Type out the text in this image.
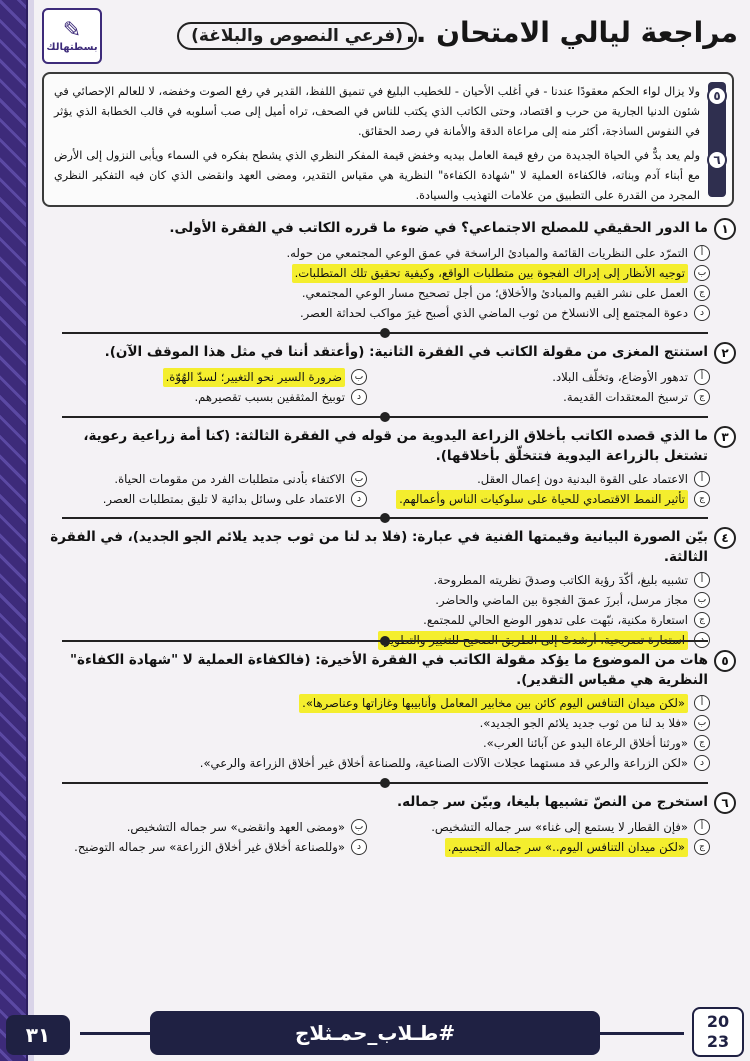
مراجعة ليالي الامتحان ..
(فرعي النصوص والبلاغة)
✎
بسطتهالك
٥
٦

ولا يزال لواء الحكم معقودًا عندنا - في أغلب الأحيان - للخطيب البليغ في تنميق اللفظ، القدير في رفع الصوت وخفضه، لا للعالم الإحصائي في شئون الدنيا الجارية من حرب و اقتصاد، وحتى الكاتب الذي يكتب للناس في الصحف، تراه أميل إلى صب أسلوبه في قالب الخطابة الذي يؤثر في النفوس الساذجة، أكثر منه إلى مراعاة الدقة والأمانة في رصد الحقائق.

ولم يعد بدٌّ في الحياة الجديدة من رفع قيمة العامل بيديه وخفض قيمة المفكر النظري الذي يشطح بفكره في السماء ويأبى النزول إلى الأرض مع أبناء آدم وبناته، فالكفاءة العملية لا "شهادة الكفاءة" النظرية هي مقياس التقدير، ومضى العهد وانقضى الذي كان فيه التفكير النظري المجرد من القدرة على التطبيق من علامات التهذيب والسيادة.

١
ما الدور الحقيقي للمصلح الاجتماعي؟ في ضوء ما قرره الكاتب في الفقرة الأولى.
أ
التمرّد على النظريات القائمة والمبادئ الراسخة في عمق الوعي المجتمعي من حوله.
ب
توجيه الأنظار إلى إدراك الفجوة بين متطلبات الواقع، وكيفية تحقيق تلك المتطلبات.
ج
العمل على نشر القيم والمبادئ والأخلاق؛ من أجل تصحيح مسار الوعي المجتمعي.
د
دعوة المجتمع إلى الانسلاخ من ثوب الماضي الذي أصبح غيرَ مواكب لحداثة العصر.
٢
استنتج المغزى من مقولة الكاتب في الفقرة الثانية: (وأعتقد أننا في مثل هذا الموقف الآن).
أ
تدهور الأوضاع، وتخلّف البلاد.
ب
ضرورة السير نحو التغيير؛ لسدّ الهُوّة.
ج
ترسيخ المعتقدات القديمة.
د
توبيخ المثقفين بسبب تقصيرهم.
٣
ما الذي قصده الكاتب بأخلاق الزراعة اليدوية من قوله في الفقرة الثالثة: (كنا أمة زراعية رعوية، تشتغل بالزراعة اليدوية فتتخلّق بأخلاقها).
أ
الاعتماد على القوة البدنية دون إعمال العقل.
ب
الاكتفاء بأدنى متطلبات الفرد من مقومات الحياة.
ج
تأثير النمط الاقتصادي للحياة على سلوكيات الناس وأعمالهم.
د
الاعتماد على وسائل بدائية لا تليق بمتطلبات العصر.
٤
بيّن الصورة البيانية وقيمتها الفنية في عبارة: (فلا بد لنا من ثوب جديد يلائم الجو الجديد)، في الفقرة الثالثة.
أ
تشبيه بليغ، أكّدَ رؤية الكاتب وصدقَ نظريته المطروحة.
ب
مجاز مرسل، أبرزَ عمقَ الفجوة بين الماضي والحاضر.
ج
استعارة مكنية، نبّهت على تدهور الوضع الحالي للمجتمع.
٥
هات من الموضوع ما يؤكد مقولة الكاتب في الفقرة الأخيرة: (فالكفاءة العملية لا "شهادة الكفاءة" النظرية هي مقياس التقدير).
أ
«لكن ميدان التنافس اليوم كائن بين مخابير المعامل وأنابيبها وغازاتها وعناصرها».
ب
«فلا بد لنا من ثوب جديد يلائم الجو الجديد».
ج
«ورثنا أخلاق الرعاة البدو عن آبائنا العرب».
د
«لكن الزراعة والرعي قد مستهما عجلات الآلات الصناعية، وللصناعة أخلاق غير أخلاق الزراعة والرعي».
٦
استخرج من النصّ تشبيها بليغا، وبيّن سر جماله.
أ
«فإن القطار لا يستمع إلى غناء» سر جماله التشخيص.
ب
«ومضى العهد وانقضى» سر جماله التشخيص.
ج
«لكن ميدان التنافس اليوم..» سر جماله التجسيم.
د
«وللصناعة أخلاق غير أخلاق الزراعة» سر جماله التوضيح.
٣١	#طـلاب_حمـثلاج	20
23
